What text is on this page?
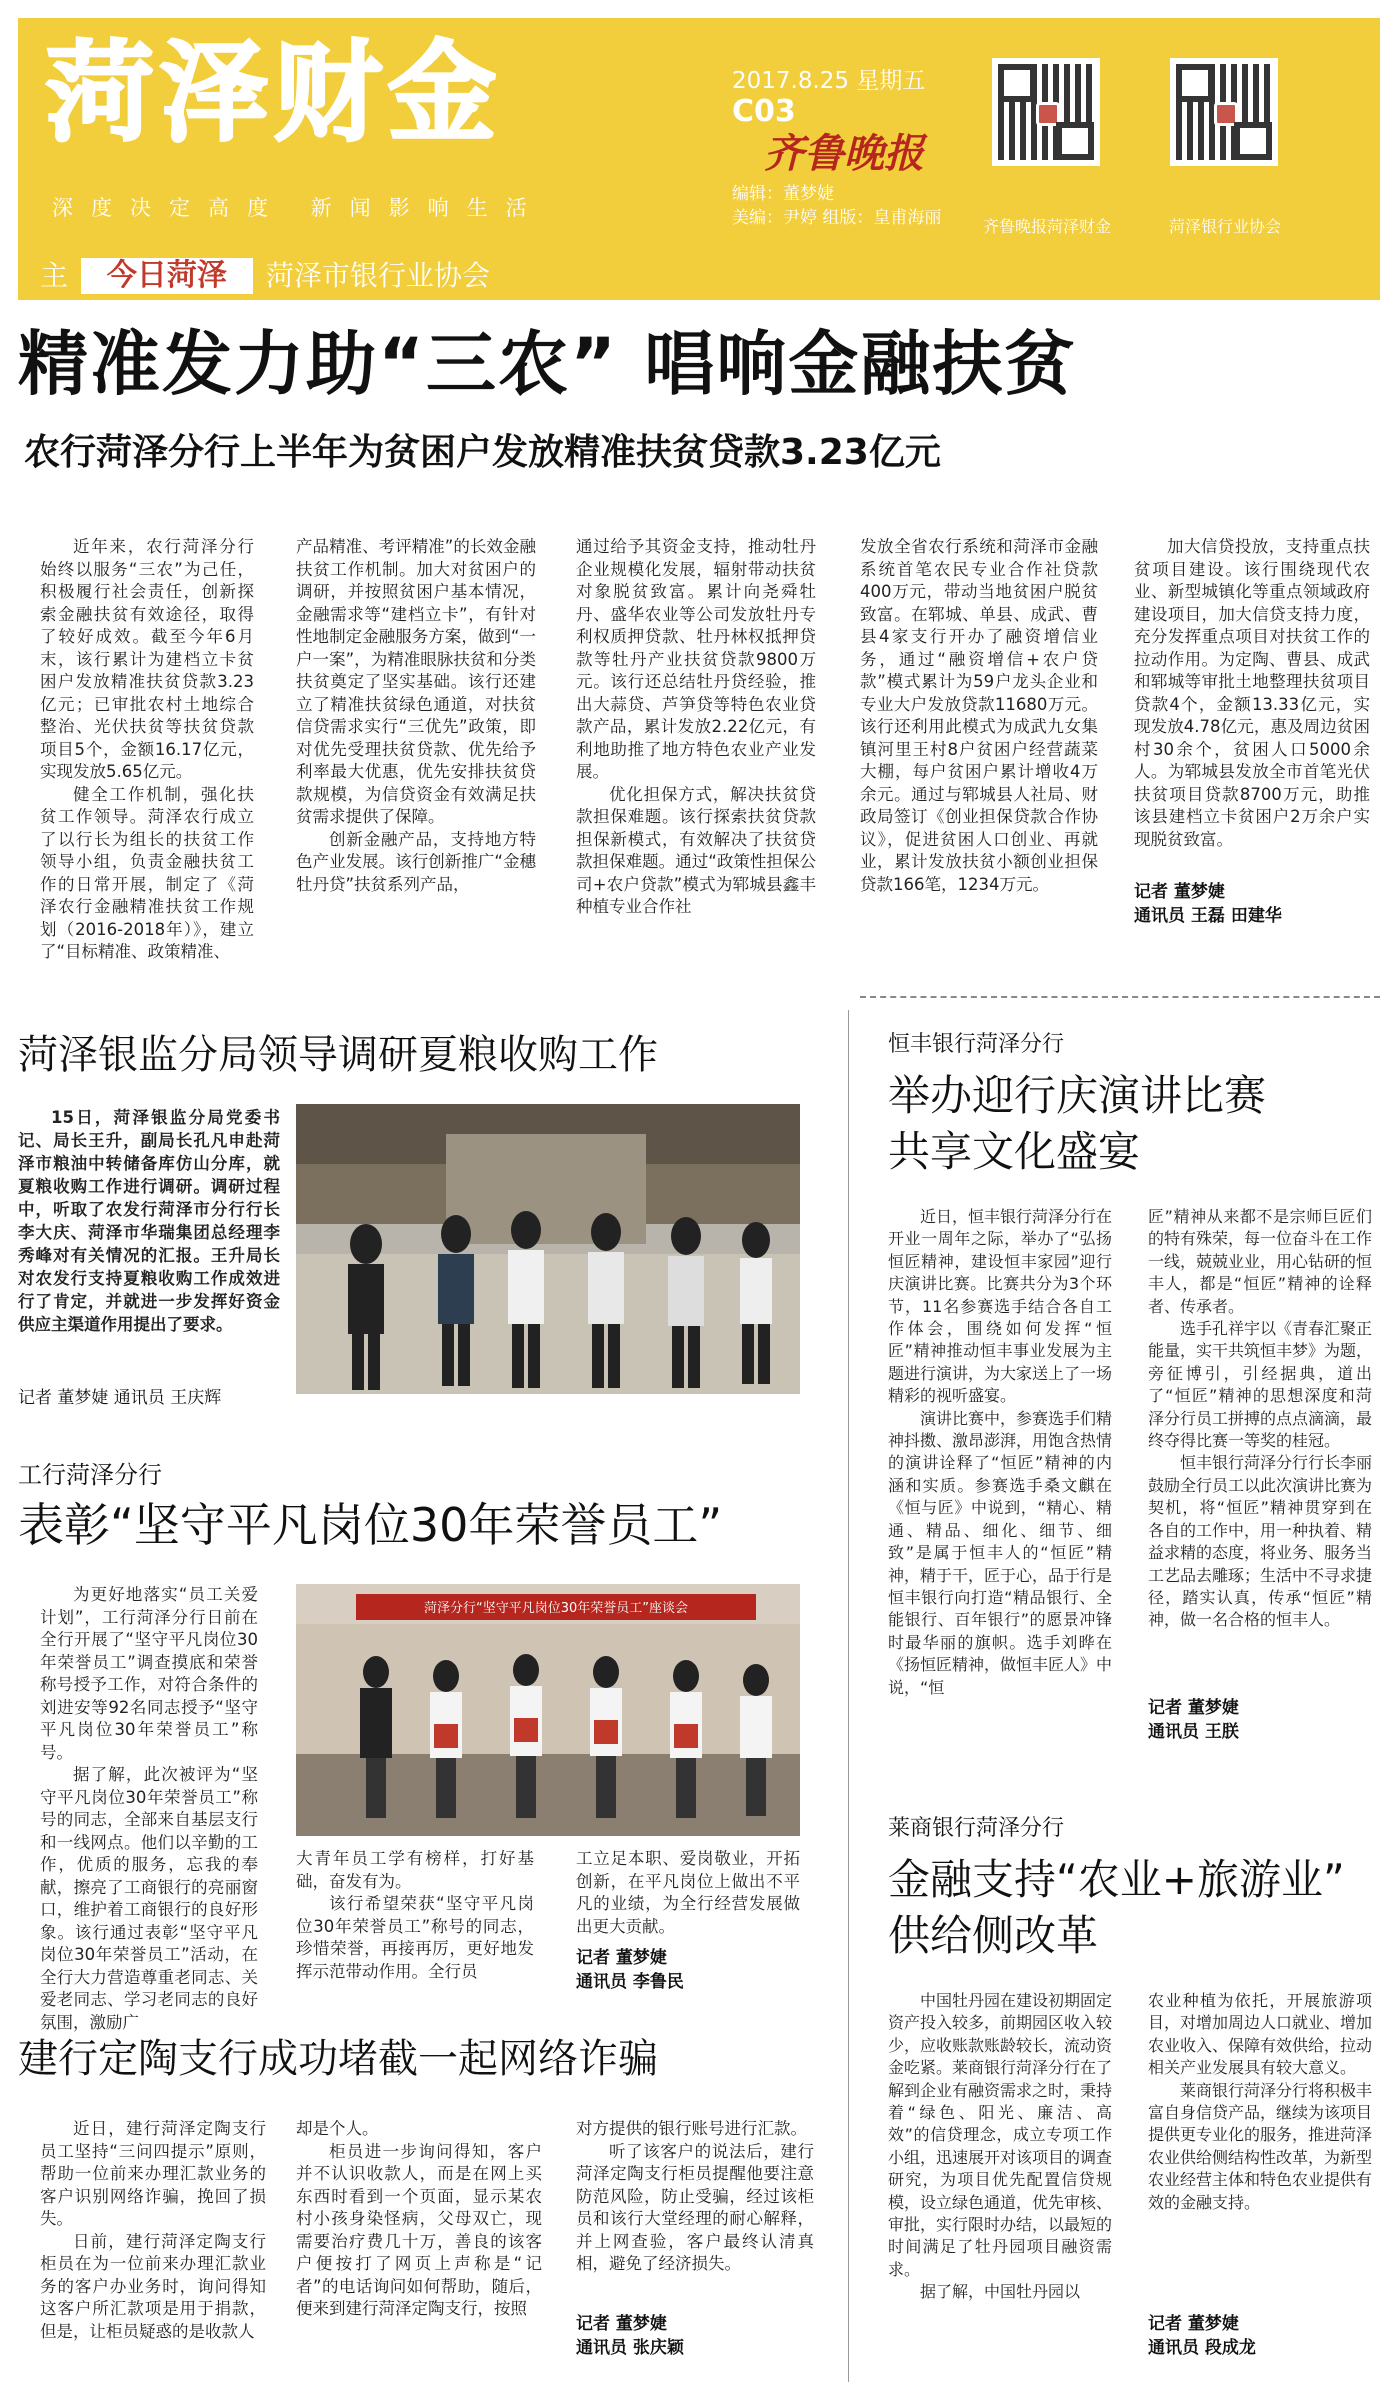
菏泽财金
深度决定高度 新闻影响生活
2017.8.25 星期五
C03
齐鲁晚报
编辑：董梦婕
美编：尹婷 组版：皇甫海丽	齐鲁晚报菏泽财金	菏泽银行业协会
主 今日菏泽 菏泽市银行业协会
精准发力助“三农” 唱响金融扶贫
农行菏泽分行上半年为贫困户发放精准扶贫贷款3.23亿元

近年来，农行菏泽分行始终以服务“三农”为己任，积极履行社会责任，创新探索金融扶贫有效途径，取得了较好成效。截至今年6月末，该行累计为建档立卡贫困户发放精准扶贫贷款3.23亿元；已审批农村土地综合整治、光伏扶贫等扶贫贷款项目5个，金额16.17亿元，实现发放5.65亿元。

健全工作机制，强化扶贫工作领导。菏泽农行成立了以行长为组长的扶贫工作领导小组，负责金融扶贫工作的日常开展，制定了《菏泽农行金融精准扶贫工作规划（2016-2018年）》，建立了“目标精准、政策精准、

产品精准、考评精准”的长效金融扶贫工作机制。加大对贫困户的调研，并按照贫困户基本情况，金融需求等“建档立卡”，有针对性地制定金融服务方案，做到“一户一案”，为精准眼脉扶贫和分类扶贫奠定了坚实基础。该行还建立了精准扶贫绿色通道，对扶贫信贷需求实行“三优先”政策，即对优先受理扶贫贷款、优先给予利率最大优惠，优先安排扶贫贷款规模，为信贷资金有效满足扶贫需求提供了保障。

创新金融产品，支持地方特色产业发展。该行创新推广“金穗牡丹贷”扶贫系列产品，

通过给予其资金支持，推动牡丹企业规模化发展，辐射带动扶贫对象脱贫致富。累计向尧舜牡丹、盛华农业等公司发放牡丹专利权质押贷款、牡丹林权抵押贷款等牡丹产业扶贫贷款9800万元。该行还总结牡丹贷经验，推出大蒜贷、芦笋贷等特色农业贷款产品，累计发放2.22亿元，有利地助推了地方特色农业产业发展。

优化担保方式，解决扶贫贷款担保难题。该行探索扶贫贷款担保新模式，有效解决了扶贫贷款担保难题。通过“政策性担保公司+农户贷款”模式为郓城县鑫丰种植专业合作社

发放全省农行系统和菏泽市金融系统首笔农民专业合作社贷款400万元，带动当地贫困户脱贫致富。在郓城、单县、成武、曹县4家支行开办了融资增信业务，通过“融资增信+农户贷款”模式累计为59户龙头企业和专业大户发放贷款11680万元。该行还利用此模式为成武九女集镇河里王村8户贫困户经营蔬菜大棚，每户贫困户累计增收4万余元。通过与郓城县人社局、财政局签订《创业担保贷款合作协议》，促进贫困人口创业、再就业，累计发放扶贫小额创业担保贷款166笔，1234万元。

加大信贷投放，支持重点扶贫项目建设。该行围绕现代农业、新型城镇化等重点领域政府建设项目，加大信贷支持力度，充分发挥重点项目对扶贫工作的拉动作用。为定陶、曹县、成武和郓城等审批土地整理扶贫项目贷款4个，金额13.33亿元，实现发放4.78亿元，惠及周边贫困村30余个，贫困人口5000余人。为郓城县发放全市首笔光伏扶贫项目贷款8700万元，助推该县建档立卡贫困户2万余户实现脱贫致富。

记者 董梦婕
通讯员 王磊 田建华
菏泽银监分局领导调研夏粮收购工作

15日，菏泽银监分局党委书记、局长王升，副局长孔凡申赴菏泽市粮油中转储备库仿山分库，就夏粮收购工作进行调研。调研过程中，听取了农发行菏泽市分行行长李大庆、菏泽市华瑞集团总经理李秀峰对有关情况的汇报。王升局长对农发行支持夏粮收购工作成效进行了肯定，并就进一步发挥好资金供应主渠道作用提出了要求。

记者 董梦婕 通讯员 王庆辉
工行菏泽分行
表彰“坚守平凡岗位30年荣誉员工”

为更好地落实“员工关爱计划”，工行菏泽分行日前在全行开展了“坚守平凡岗位30年荣誉员工”调查摸底和荣誉称号授予工作，对符合条件的刘进安等92名同志授予“坚守平凡岗位30年荣誉员工”称号。

据了解，此次被评为“坚守平凡岗位30年荣誉员工”称号的同志，全部来自基层支行和一线网点。他们以辛勤的工作，优质的服务，忘我的奉献，擦亮了工商银行的亮丽窗口，维护着工商银行的良好形象。该行通过表彰“坚守平凡岗位30年荣誉员工”活动，在全行大力营造尊重老同志、关爱老同志、学习老同志的良好氛围，激励广

菏泽分行“坚守平凡岗位30年荣誉员工”座谈会

大青年员工学有榜样，打好基础，奋发有为。

该行希望荣获“坚守平凡岗位30年荣誉员工”称号的同志，珍惜荣誉，再接再厉，更好地发挥示范带动作用。全行员

工立足本职、爱岗敬业，开拓创新，在平凡岗位上做出不平凡的业绩，为全行经营发展做出更大贡献。

记者 董梦婕
通讯员 李鲁民
建行定陶支行成功堵截一起网络诈骗

近日，建行菏泽定陶支行员工坚持“三问四提示”原则，帮助一位前来办理汇款业务的客户识别网络诈骗，挽回了损失。

日前，建行菏泽定陶支行柜员在为一位前来办理汇款业务的客户办业务时，询问得知这客户所汇款项是用于捐款，但是，让柜员疑惑的是收款人

却是个人。

柜员进一步询问得知，客户并不认识收款人，而是在网上买东西时看到一个页面，显示某农村小孩身染怪病，父母双亡，现需要治疗费几十万，善良的该客户便按打了网页上声称是“记者”的电话询问如何帮助，随后，便来到建行菏泽定陶支行，按照

对方提供的银行账号进行汇款。

听了该客户的说法后，建行菏泽定陶支行柜员提醒他要注意防范风险，防止受骗，经过该柜员和该行大堂经理的耐心解释，并上网查验，客户最终认清真相，避免了经济损失。

记者 董梦婕
通讯员 张庆颖
恒丰银行菏泽分行
举办迎行庆演讲比赛
共享文化盛宴

近日，恒丰银行菏泽分行在开业一周年之际，举办了“弘扬恒匠精神，建设恒丰家园”迎行庆演讲比赛。比赛共分为3个环节，11名参赛选手结合各自工作体会，围绕如何发挥“恒匠”精神推动恒丰事业发展为主题进行演讲，为大家送上了一场精彩的视听盛宴。

演讲比赛中，参赛选手们精神抖擞、激昂澎湃，用饱含热情的演讲诠释了“恒匠”精神的内涵和实质。参赛选手桑文麒在《恒与匠》中说到，“精心、精通、精品、细化、细节、细致”是属于恒丰人的“恒匠”精神，精于干，匠于心，品于行是恒丰银行向打造“精品银行、全能银行、百年银行”的愿景冲锋时最华丽的旗帜。选手刘晔在《扬恒匠精神，做恒丰匠人》中说，“恒

匠”精神从来都不是宗师巨匠们的特有殊荣，每一位奋斗在工作一线，兢兢业业，用心钻研的恒丰人，都是“恒匠”精神的诠释者、传承者。

选手孔祥宇以《青春汇聚正能量，实干共筑恒丰梦》为题，旁征博引，引经据典，道出了“恒匠”精神的思想深度和菏泽分行员工拼搏的点点滴滴，最终夺得比赛一等奖的桂冠。

恒丰银行菏泽分行行长李丽鼓励全行员工以此次演讲比赛为契机，将“恒匠”精神贯穿到在各自的工作中，用一种执着、精益求精的态度，将业务、服务当工艺品去雕琢；生活中不寻求捷径，踏实认真，传承“恒匠”精神，做一名合格的恒丰人。

记者 董梦婕
通讯员 王朕
莱商银行菏泽分行
金融支持“农业+旅游业”
供给侧改革

中国牡丹园在建设初期固定资产投入较多，前期园区收入较少，应收账款账龄较长，流动资金吃紧。莱商银行菏泽分行在了解到企业有融资需求之时，秉持着“绿色、阳光、廉洁、高效”的信贷理念，成立专项工作小组，迅速展开对该项目的调查研究，为项目优先配置信贷规模，设立绿色通道，优先审核、审批，实行限时办结，以最短的时间满足了牡丹园项目融资需求。

据了解，中国牡丹园以

农业种植为依托，开展旅游项目，对增加周边人口就业、增加农业收入、保障有效供给，拉动相关产业发展具有较大意义。

莱商银行菏泽分行将积极丰富自身信贷产品，继续为该项目提供更专业化的服务，推进菏泽农业供给侧结构性改革，为新型农业经营主体和特色农业提供有效的金融支持。

记者 董梦婕
通讯员 段成龙
